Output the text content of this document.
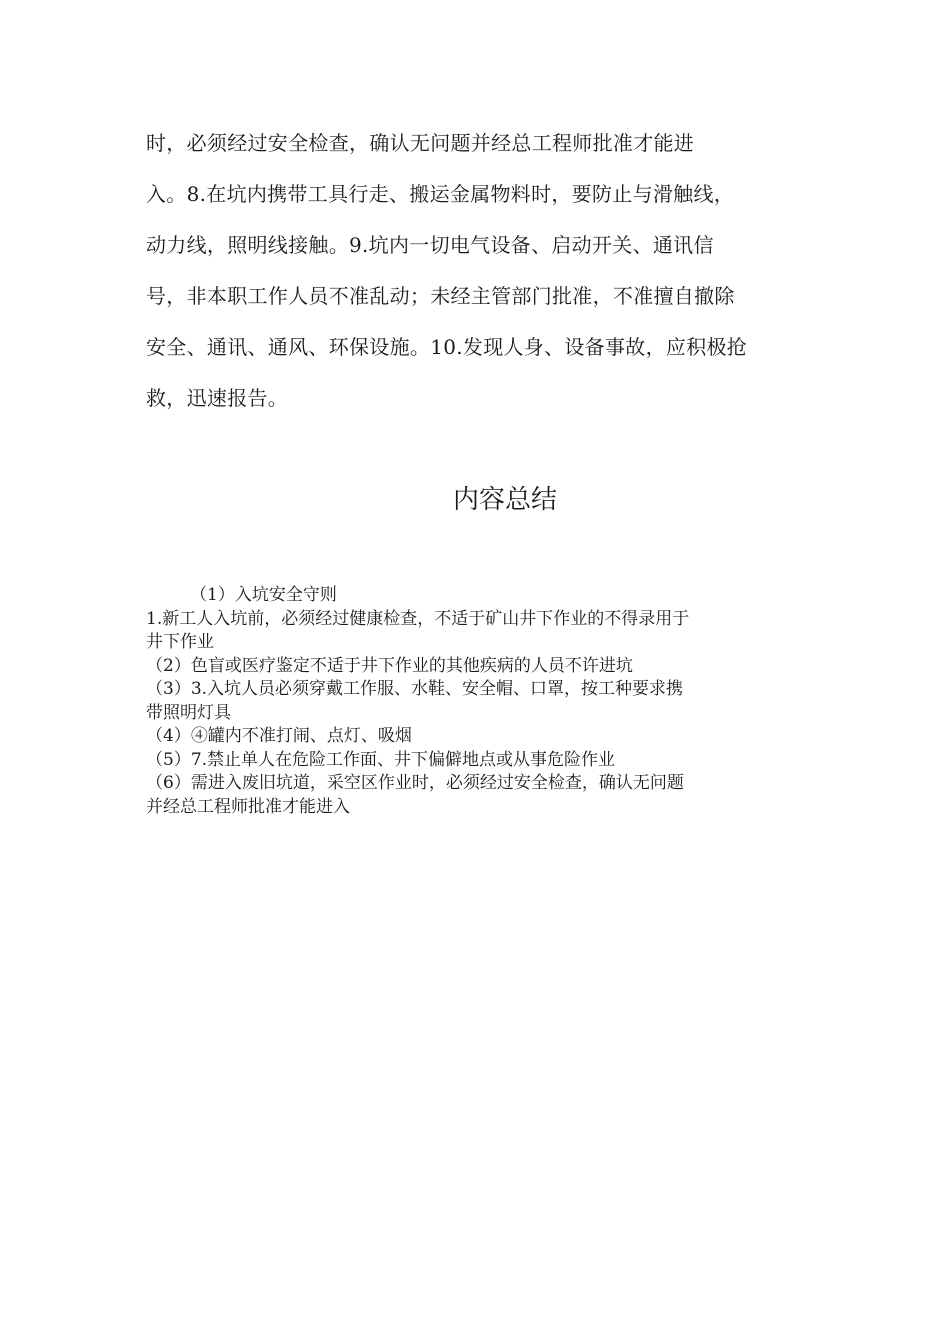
时，必须经过安全检查，确认无问题并经总工程师批准才能进
入。8.在坑内携带工具行走、搬运金属物料时，要防止与滑触线，
动力线，照明线接触。9.坑内一切电气设备、启动开关、通讯信
号，非本职工作人员不准乱动；未经主管部门批准，不准擅自撤除
安全、通讯、通风、环保设施。10.发现人身、设备事故，应积极抢
救，迅速报告。
内容总结
（1）入坑安全守则
1.新工人入坑前，必须经过健康检查，不适于矿山井下作业的不得录用于
井下作业
（2）色盲或医疗鉴定不适于井下作业的其他疾病的人员不许进坑
（3）3.入坑人员必须穿戴工作服、水鞋、安全帽、口罩，按工种要求携
带照明灯具
（4）④罐内不准打闹、点灯、吸烟
（5）7.禁止单人在危险工作面、井下偏僻地点或从事危险作业
（6）需进入废旧坑道，采空区作业时，必须经过安全检查，确认无问题
并经总工程师批准才能进入
